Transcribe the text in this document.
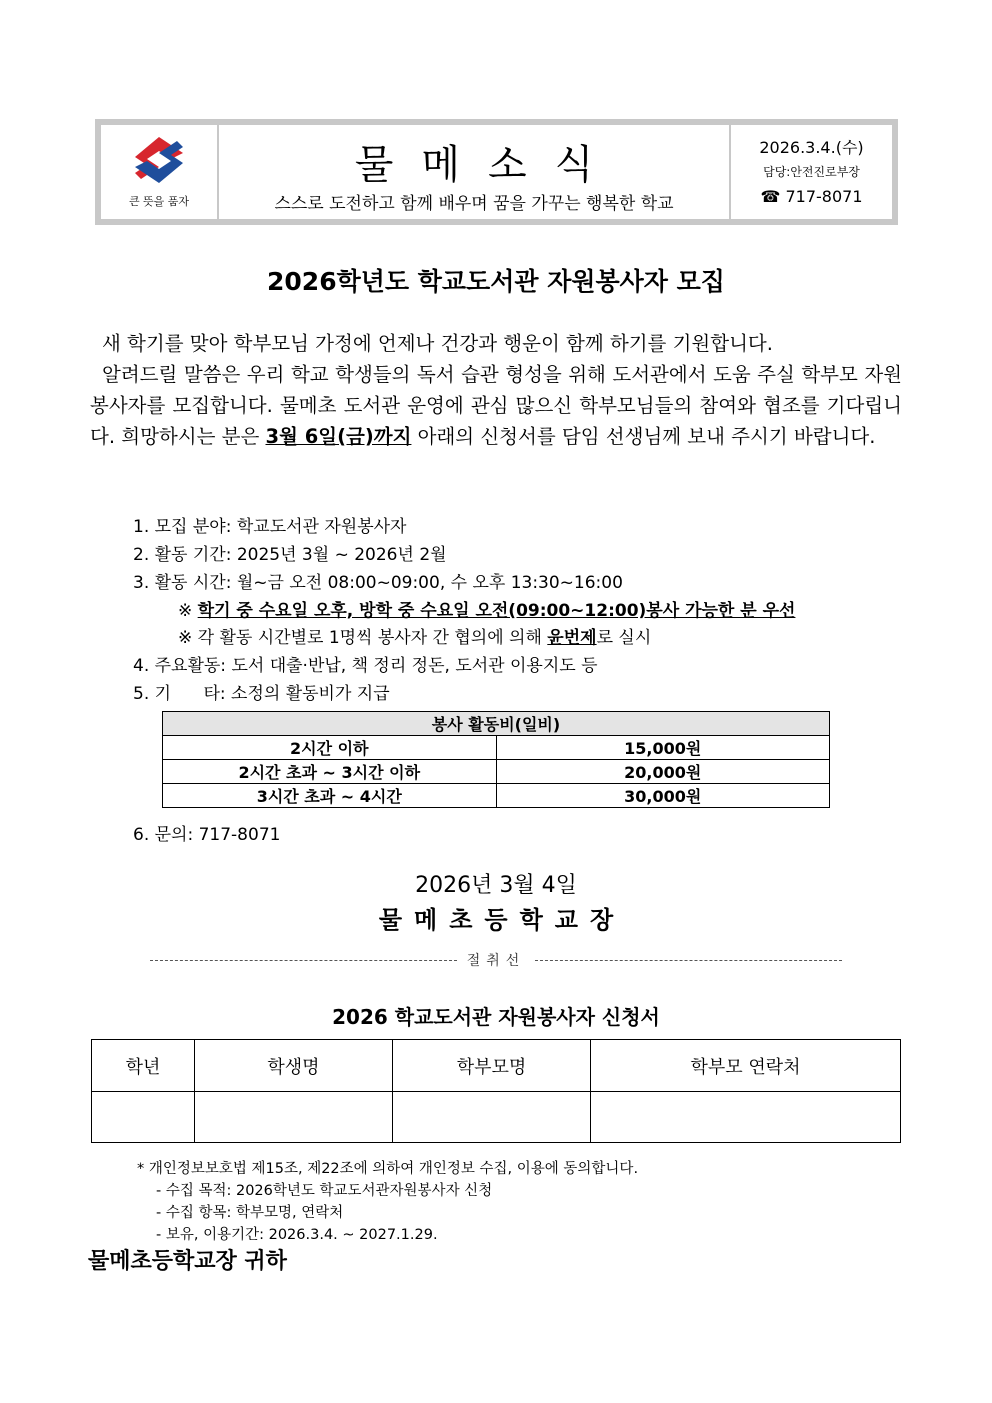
큰 뜻을 품자
물메소식
스스로 도전하고 함께 배우며 꿈을 가꾸는 행복한 학교
2026.3.4.(수)
담당:안전진로부장
☎ 717-8071
2026학년도 학교도서관 자원봉사자 모집
새 학기를 맞아 학부모님 가정에 언제나 건강과 행운이 함께 하기를 기원합니다.
알려드릴 말씀은 우리 학교 학생들의 독서 습관 형성을 위해 도서관에서 도움 주실 학부모 자원봉사자를 모집합니다. 물메초 도서관 운영에 관심 많으신 학부모님들의 참여와 협조를 기다립니다. 희망하시는 분은 3월 6일(금)까지 아래의 신청서를 담임 선생님께 보내 주시기 바랍니다.
1. 모집 분야: 학교도서관 자원봉사자
2. 활동 기간: 2025년 3월 ~ 2026년 2월
3. 활동 시간: 월~금 오전 08:00~09:00, 수 오후 13:30~16:00
※ 학기 중 수요일 오후, 방학 중 수요일 오전(09:00~12:00)봉사 가능한 분 우선
※ 각 활동 시간별로 1명씩 봉사자 간 협의에 의해 윤번제로 실시
4. 주요활동: 도서 대출·반납, 책 정리 정돈, 도서관 이용지도 등
5. 기      타: 소정의 활동비가 지급
봉사 활동비(일비)	
2시간 이하	15,000원
2시간 초과 ~ 3시간 이하	20,000원
3시간 초과 ~ 4시간	30,000원
6. 문의: 717-8071
2026년 3월 4일
물메초등학교장
절취선
2026 학교도서관 자원봉사자 신청서
학년	학생명	학부모명	학부모 연락처

* 개인정보보호법 제15조, 제22조에 의하여 개인정보 수집, 이용에 동의합니다.
- 수집 목적: 2026학년도 학교도서관자원봉사자 신청
- 수집 항목: 학부모명, 연락처
- 보유, 이용기간: 2026.3.4. ~ 2027.1.29.
물메초등학교장 귀하
